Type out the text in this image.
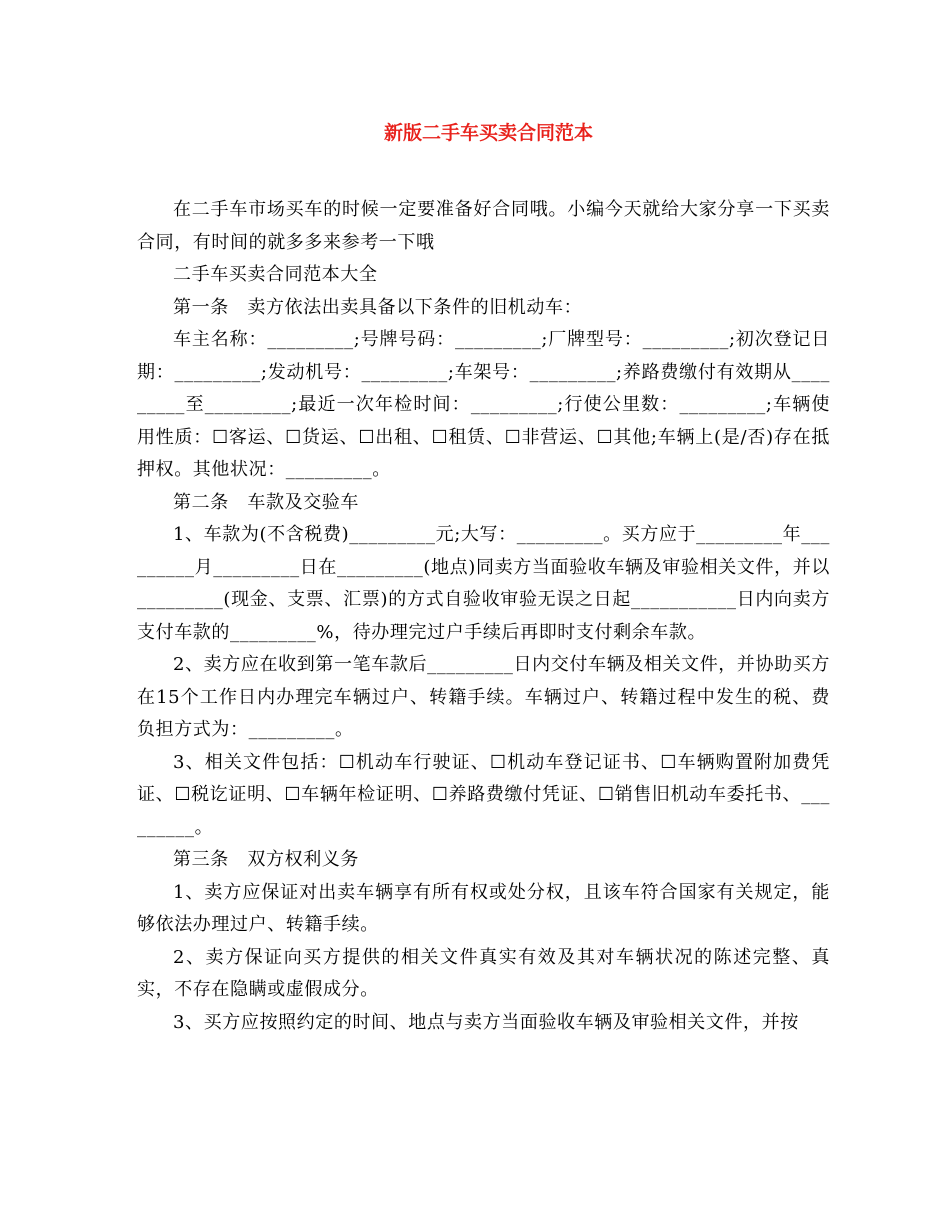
新版二手车买卖合同范本

在二手车市场买车的时候一定要准备好合同哦。小编今天就给大家分享一下买卖合同，有时间的就多多来参考一下哦

二手车买卖合同范本大全

第一条　卖方依法出卖具备以下条件的旧机动车：

车主名称：_________;号牌号码：_________;厂牌型号：_________;初次登记日期：_________;发动机号：_________;车架号：_________;养路费缴付有效期从_________至_________;最近一次年检时间：_________;行使公里数：_________;车辆使用性质：☐客运、☐货运、☐出租、☐租赁、☐非营运、☐其他;车辆上(是/否)存在抵押权。其他状况：_________。

第二条　车款及交验车

1、车款为(不含税费)_________元;大写：_________。买方应于_________年_________月_________日在_________(地点)同卖方当面验收车辆及审验相关文件，并以_________(现金、支票、汇票)的方式自验收审验无误之日起___________日内向卖方支付车款的_________%，待办理完过户手续后再即时支付剩余车款。

2、卖方应在收到第一笔车款后_________日内交付车辆及相关文件，并协助买方在15个工作日内办理完车辆过户、转籍手续。车辆过户、转籍过程中发生的税、费负担方式为：_________。

3、相关文件包括：☐机动车行驶证、☐机动车登记证书、☐车辆购置附加费凭证、☐税讫证明、☐车辆年检证明、☐养路费缴付凭证、☐销售旧机动车委托书、_________。

第三条　双方权利义务

1、卖方应保证对出卖车辆享有所有权或处分权，且该车符合国家有关规定，能够依法办理过户、转籍手续。

2、卖方保证向买方提供的相关文件真实有效及其对车辆状况的陈述完整、真实，不存在隐瞒或虚假成分。

3、买方应按照约定的时间、地点与卖方当面验收车辆及审验相关文件，并按
